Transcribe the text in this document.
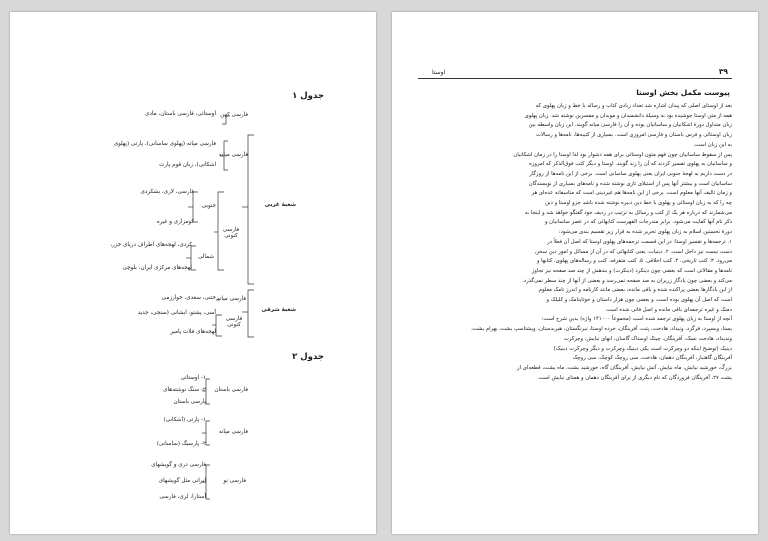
جدول ۱
شعبهٔ غربی
فارسی کهن
اوستائی، فارسی باستان، مادی
فارسی میانه
فارسی میانه (پهلوی ساسانی)، پارتی (پهلوی
اشکانی)، زبان قوم پارت
فارسی کنونی
جنوبی
فارسی، لاری، بشکردی
کومزاری و غیره
شمالی
کردی، لهجه‌های اطراف دریای خزر،
لهجه‌های مرکزی ایران، بلوچی
شعبهٔ شرقی
فارسی میانه
ختنی، سغدی، خوارزمی
فارسی کنونی
آسی، پشتو، ابشانی (سنجی، جدید
لهجه‌های فلات پامیر
جدول ۲
فارسی باستان
۱- اوستائی
۲- سنگ نوشته‌های
پارسی باستان
فارسی میانه
۱- پارتی (اشکانی)
۲- پارسیگ (ساسانی)
فارسی نو
فارسی دری و گویشهای
ایرانی مثل گویشهای
آستارا، لری، فارسی
۳۹
اوستا
پیوست مکمل بخش اوستا

بعد از اوستای اصلی که پیدان اشاره شد تعداد زیادی کتاب و رساله با خط و زبان پهلوی که

همه از متن اوستا جوشیده بود به وسیلهٔ دانشمندان و موبدان و مفسرین نوشته شد. زبان پهلوی

زبان متداول دورهٔ اشکانیان و ساسانیان بوده و آن را فارسی میانه گویند. این زبان واسطه بین

زبان اوستائی و فرس باستان و فارسی امروزی است. بسیاری از کتیبه‌ها، نامه‌ها و رسالات

به این زبان است.

پس از سقوط ساسانیان چون فهم متون اوستائی برای همه دشوار بود لذا اوستا را در زمان اشکانیان

و ساسانیان به پهلوی تفسیر کردند که آن را زند گویند. اوستا و دیگر کتب فوق‌الذکر که امروزه

در دست داریم به لهجهٔ جنوبی ایران یعنی پهلوی ساسانی است. برخی از این نامه‌ها از روزگار

ساسانیان است و بیشتر آنها پس از استیلای تازی نوشته شده و نامه‌های بسیاری از نویسندگان

و زمان تالیف آنها معلوم است. برخی از این نامه‌ها هم غیردینی است که متاسفانه عده‌ای هر

چه را که به زبان اوستائی و پهلوی با خط دین دبیره نوشته شده باشد جزو اوستا و دین

می‌شمارند که درباره هر یک از کتب و رسائل به ترتیب در ردیف خود گفتگو خواهد شد و اینجا به

ذکر نام آنها کفایت می‌شود. برابر مندرجات الفهرست کتابهائی که در عصر ساسانیان و

دورهٔ نخستین اسلام به زبان پهلوی تحریر شده به قرار زیر تقسیم بندی می‌شود:

۱. ترجمه‌ها و تفسیر اوستا: در این قسمت ترجمه‌های پهلوی اوستا که اصل آن فعلاً در

دست نیست نیز داخل است. ۲. دینیات، یعنی کتابهائی که در آن از مسائل و امور دین سخن

می‌رود. ۳. کتب تاریخی. ۴. کتب اخلاقی. ۵. کتب متفرقه. کتب و رساله‌های پهلوی، کتابها و

نامه‌ها و مقالاتی است که بعضی چون دینکرد (دینکرت) و بندهش از چند صد صفحه نیز تجاوز

می‌کند و بعضی چون یادگار زریران به صد صفحه نمی‌رسد و بعضی از آنها از چند سطر نمی‌گذرد.

از این یادگارها بعضی پراکنده شده و باقی مانده، بعضی مانند کارنامه و اندرز نامک معلوم

است که اصل آن پهلوی بوده است، و بعضی چون هزار داستان و خوتاینامک و کلیلک و

دمنک و غیره ترجمه‌ای باقی مانده و اصل فانی شده است.

آنچه از اوستا به زبان پهلوی ترجمه شده است (مجموعاً ۱۴۱۰۰۰ واژه) بدین شرح است:

یسنا، ویسپرد، فرگرد، ونیداد، هادخت، پتت، آفرینگان، خرده اوستا، نیرنگستان، هیربدستان، ویشتاسپ یشت، بهرام یشت،

وندیداد، هادخت نسک، آفرینگان، چیتک اوستاک گاسان، انهای نیایش، وچرکرت

دینیک (توضیح اینکه دو وچرکرت است یکی دینیک وچرکرت و دیگر وچرکرت دینیک)

آفرینگان گاهنبار، آفرینگان دهمان، هادخت، سی روچک کوچک، سی روچک

بزرگ، خورشید نیایش، ماه نیایش، آتش نیایش، آفرینگان گاه، خورشید یشت، ماه یشت، قطعه‌ای از

یشت ۲۷، آفرینگان فروردگان که نام دیگری از برای آفرینگان دهمان و همتای نیایش است.
